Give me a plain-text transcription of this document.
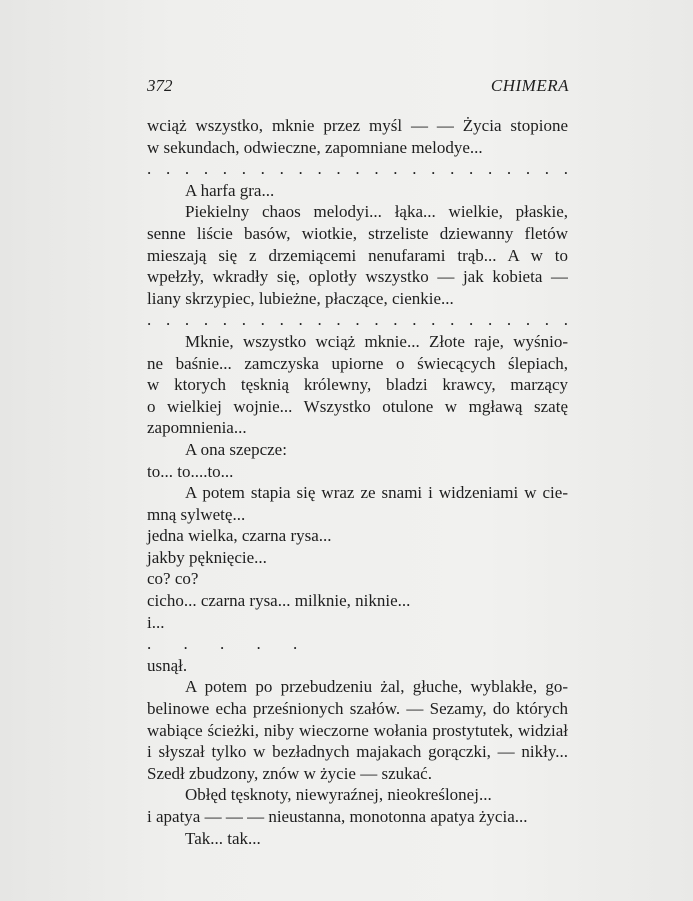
372	CHIMERA
wciąż wszystko, mknie przez myśl — — Życia stopione
w sekundach, odwieczne, zapomniane melodye...
. . . . . . . . . . . . . . . . . . . . . . .
A harfa gra...
Piekielny chaos melodyi... łąka... wielkie, płaskie,
senne liście basów, wiotkie, strzeliste dziewanny fletów
mieszają się z drzemiącemi nenufarami trąb... A w to
wpełzły, wkradły się, oplotły wszystko — jak kobieta —
liany skrzypiec, lubieżne, płaczące, cienkie...
. . . . . . . . . . . . . . . . . . . . . . .
Mknie, wszystko wciąż mknie... Złote raje, wyśnio-
ne baśnie... zamczyska upiorne o świecących ślepiach,
w ktorych tęsknią królewny, bladzi krawcy, marzący
o wielkiej wojnie... Wszystko otulone w mgławą szatę
zapomnienia...
A ona szepcze:
to... to....to...
A potem stapia się wraz ze snami i widzeniami w cie-
mną sylwetę...
jedna wielka, czarna rysa...
jakby pęknięcie...
co? co?
cicho... czarna rysa... milknie, niknie...
i...
. . . . .
usnął.
A potem po przebudzeniu żal, głuche, wyblakłe, go-
belinowe echa prześnionych szałów. — Sezamy, do których
wabiące ścieżki, niby wieczorne wołania prostytutek, widział
i słyszał tylko w bezładnych majakach gorączki, — nikły...
Szedł zbudzony, znów w życie — szukać.
Obłęd tęsknoty, niewyraźnej, nieokreślonej...
i apatya — — — nieustanna, monotonna apatya życia...
Tak... tak...
